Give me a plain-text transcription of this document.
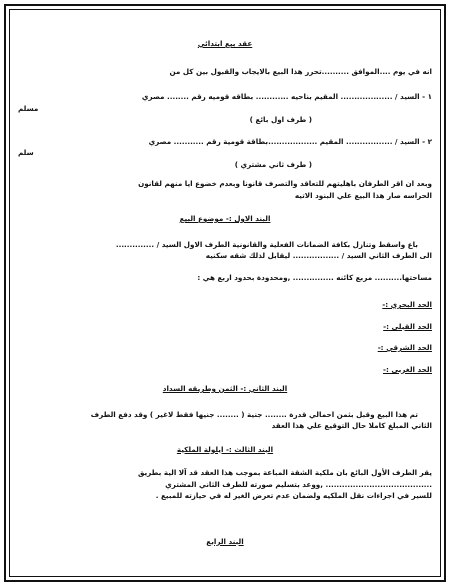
عقد بيع ابتدائي
انه في يوم ....الموافق ..........تحرر هذا البيع بالايجاب والقبول بين كل من
١ - السيد / ................... المقيم بناحيه ............ بطاقه قوميه رقم ........ مصري
مسلم
( طرف اول بائع )
٢ - السيد / ................. المقيم ..................بطاقة قومية رقم ........... مصري
سلم
( طرف ثاني مشتري )
وبعد ان اقر الطرفان باهليتهم للتعاقد والتصرف قانونا وبعدم خضوع ايا منهم لقانون
الحراسه صار هذا البيع علي البنود الاتيه
البند الاول :- موضوع البيع
باع واسقط وتنازل بكافة الضمانات الفعلية والقانونية الطرف الاول السيد / ..............
الى الطرف الثاني السيد / ................. ليقابل لذلك شقه سكنيه
مساحتها.......... مربع كائنه ............... ,ومحدودة بحدود اربع هي :
الحد البحري :-
الحد القبلي :-
الحد الشرقي :-
الحد الغربي :-
البند الثاني :- الثمن وطريقه السداد
تم هذا البيع وقبل بثمن احمالي قدرة ........ جنية ( ........ جنيها فقط لاغير ) وقد دفع الطرف
الثاني المبلغ كاملا حال التوقيع علي هذا العقد
البند الثالث :- ايلولة الملكية
يقر الطرف الأول البائع بان ملكية الشقة المباعة بموجب هذا العقد قد آلا الية بطريق
....................................... ,ووعد بتسليم صورته للطرف الثاني المشتري
للسير في اجراءات نقل الملكيه ولضمان عدم تعرض الغير له في حيازته للمبيع .
البند الرابع
